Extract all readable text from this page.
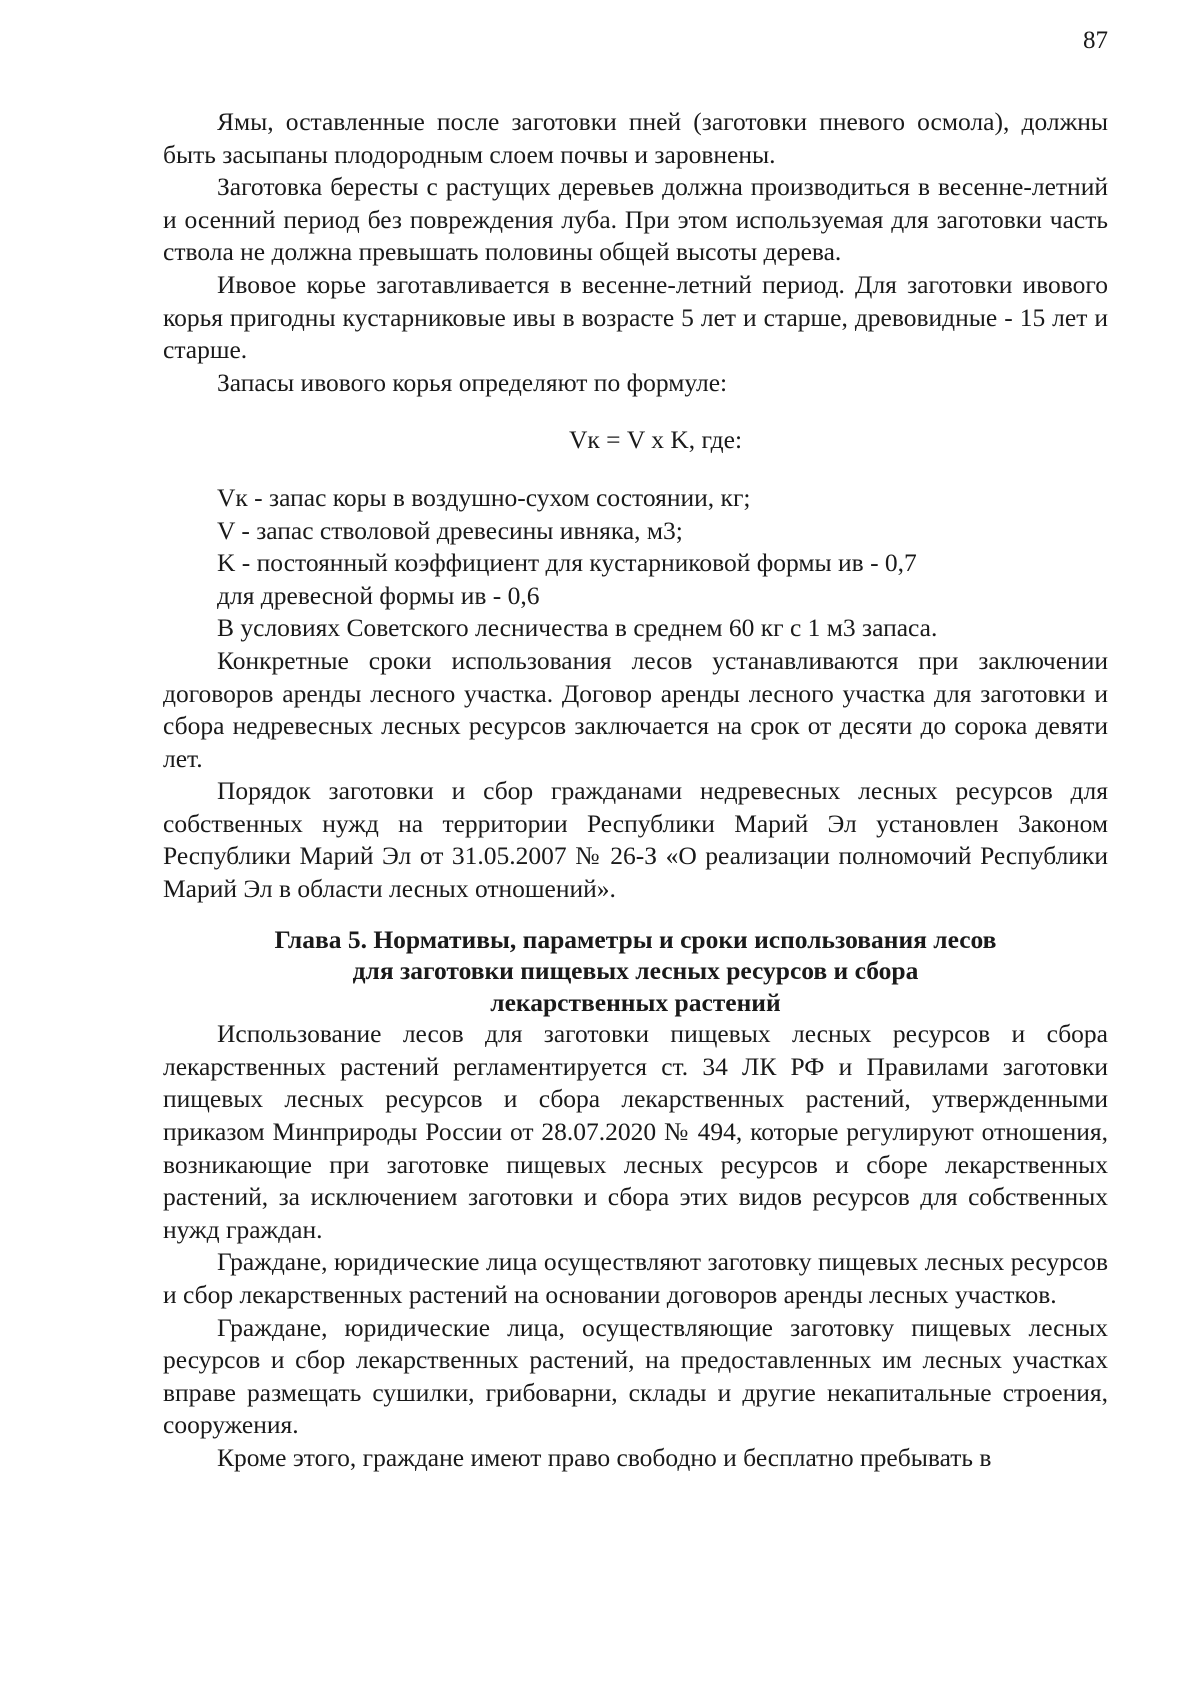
87

Ямы, оставленные после заготовки пней (заготовки пневого осмола), должны быть засыпаны плодородным слоем почвы и заровнены.

Заготовка бересты с растущих деревьев должна производиться в весенне-летний и осенний период без повреждения луба. При этом используемая для заготовки часть ствола не должна превышать половины общей высоты дерева.

Ивовое корье заготавливается в весенне-летний период. Для заготовки ивового корья пригодны кустарниковые ивы в возрасте 5 лет и старше, древовидные - 15 лет и старше.

Запасы ивового корья определяют по формуле:

Vк = V x K, где:

Vк - запас коры в воздушно-сухом состоянии, кг;

V - запас стволовой древесины ивняка, м3;

K - постоянный коэффициент для кустарниковой формы ив - 0,7

для древесной формы ив - 0,6

В условиях Советского лесничества в среднем 60 кг с 1 м3 запаса.

Конкретные сроки использования лесов устанавливаются при заключении договоров аренды лесного участка. Договор аренды лесного участка для заготовки и сбора недревесных лесных ресурсов заключается на срок от десяти до сорока девяти лет.

Порядок заготовки и сбор гражданами недревесных лесных ресурсов для собственных нужд на территории Республики Марий Эл установлен Законом Республики Марий Эл от 31.05.2007 № 26-З «О реализации полномочий Республики Марий Эл в области лесных отношений».

Глава 5. Нормативы, параметры и сроки использования лесов
для заготовки пищевых лесных ресурсов и сбора
лекарственных растений

Использование лесов для заготовки пищевых лесных ресурсов и сбора лекарственных растений регламентируется ст. 34 ЛК РФ и Правилами заготовки пищевых лесных ресурсов и сбора лекарственных растений, утвержденными приказом Минприроды России от 28.07.2020 № 494, которые регулируют отношения, возникающие при заготовке пищевых лесных ресурсов и сборе лекарственных растений, за исключением заготовки и сбора этих видов ресурсов для собственных нужд граждан.

Граждане, юридические лица осуществляют заготовку пищевых лесных ресурсов и сбор лекарственных растений на основании договоров аренды лесных участков.

Граждане, юридические лица, осуществляющие заготовку пищевых лесных ресурсов и сбор лекарственных растений, на предоставленных им лесных участках вправе размещать сушилки, грибоварни, склады и другие некапитальные строения, сооружения.

Кроме этого, граждане имеют право свободно и бесплатно пребывать в
